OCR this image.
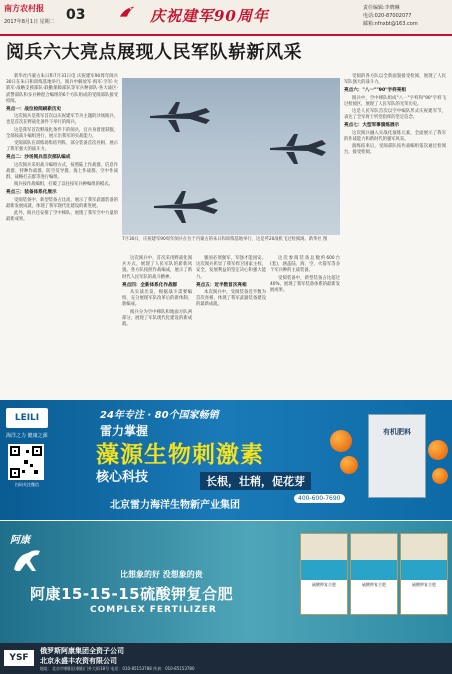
南方农村报
2017年8月1日 星期二 03	庆祝建军90周年	责任编辑:李晓琳
电话:020-87002077
邮箱:nfnxbt@163.com
阅兵六大亮点展现人民军队崭新风采

新华社内蒙古朱日和7月31日电 庆祝建军90周年阅兵30日在朱日和训练基地举行。阅兵中解放军·海军·空军·火箭军·战略支援部队·联勤保障部队等军兵种部队·各大战区·武警部队和多兵种混合编组的6个方队组成的受阅部队接受检阅。

亮点一：战位检阅刷新历史

这次阅兵是我军首次以庆祝建军节为主题的沙场阅兵，也是首次在野战化条件下举行的阅兵。

这是我军首次野战化条件下的阅兵，官兵身着迷彩服，全部按战斗编组进行，展示出我军的实战能力。

受阅部队在训练场集结列阵，部分装备首次亮相，展示了我军强大的战斗力。

亮点二：沙场阅兵首次部队编成

这次阅兵采用战斗编组方式，按照陆上作战群、信息作战群、特种作战群、防空反导群、海上作战群、空中作战群、战略打击群等进行编组。

阅兵按作战编组，打破了以往按军兵种编组的模式。

亮点三：装备体系化展示

受阅装备中，新型装备占比高，展示了我军武器装备的最新发展成就，体现了我军现代化建设的新进展。

此外，阅兵还安排了空中梯队，展现了我军空中力量的最新成果。

7月30日，庆祝建军90周年阅兵在位于内蒙古的朱日和训练基地举行，这是歼20战机飞过检阅场。新华社 图

这次阅兵中，首次采用野战化阅兵方式，展现了人民军队的崭新风貌。各方队按照作战编成，展示了新时代人民军队的战斗精神。

亮点四：全新体系化作战群

从实战出发，根据战斗需要编组，充分展现军队改革后的新体制、新编成。

阅兵分为空中梯队和地面方队两部分，展现了军队现代化建设的新成就。

强国必须强军，军强才能国安。这次阅兵彰显了我军捍卫国家主权、安全、发展利益的坚定决心和强大能力。

亮点五：近半数首次亮相

本次阅兵中，受阅装备近半数为首次亮相，体现了我军武器装备建设的最新成就。

这次参阅装备总数约600台(套)，涵盖陆、海、空、火箭军等多个军兵种的主战装备。

受阅装备中，新型装备占比超过40%，展现了我军装备体系的最新发展成果。

受阅的各方队以全新面貌接受检阅，展现了人民军队强大的战斗力。

亮点六："八一""90"字样亮相

阅兵中，空中梯队组成"八一"字样和"90"字样飞过检阅区，展现了人民军队的光荣历史。

这是人民军队首次以空中编队形式庆祝建军节，表达了全军将士听党指挥的坚定信念。

亮点七：大型军事演练展示

这次阅兵融入实战化演练元素，全面展示了我军的作战能力和新时代的强军风采。

演练结束后，受阅部队按作战编组依次通过检阅台，接受检阅。

LEILI
海洋之力 健康之源
扫码关注微信
24年专注 · 80个国家畅销
雷力掌握
藻源生物刺激素
核心科技	长根，壮稍，促花芽
北京雷力海洋生物新产业集团
400-600-7690
有机肥料
阿康
比想象的好 没想象的贵
阿康15-15-15硫酸钾复合肥
COMPLEX FERTILIZER
硫酸钾复合肥	硫酸钾复合肥	硫酸钾复合肥
YSF
俄罗斯阿康集团全资子公司
北京永盛丰农资有限公司
地址：北京市朝阳区朝阳门外大街18号 电话：010-85153788 传真：010-85153780
